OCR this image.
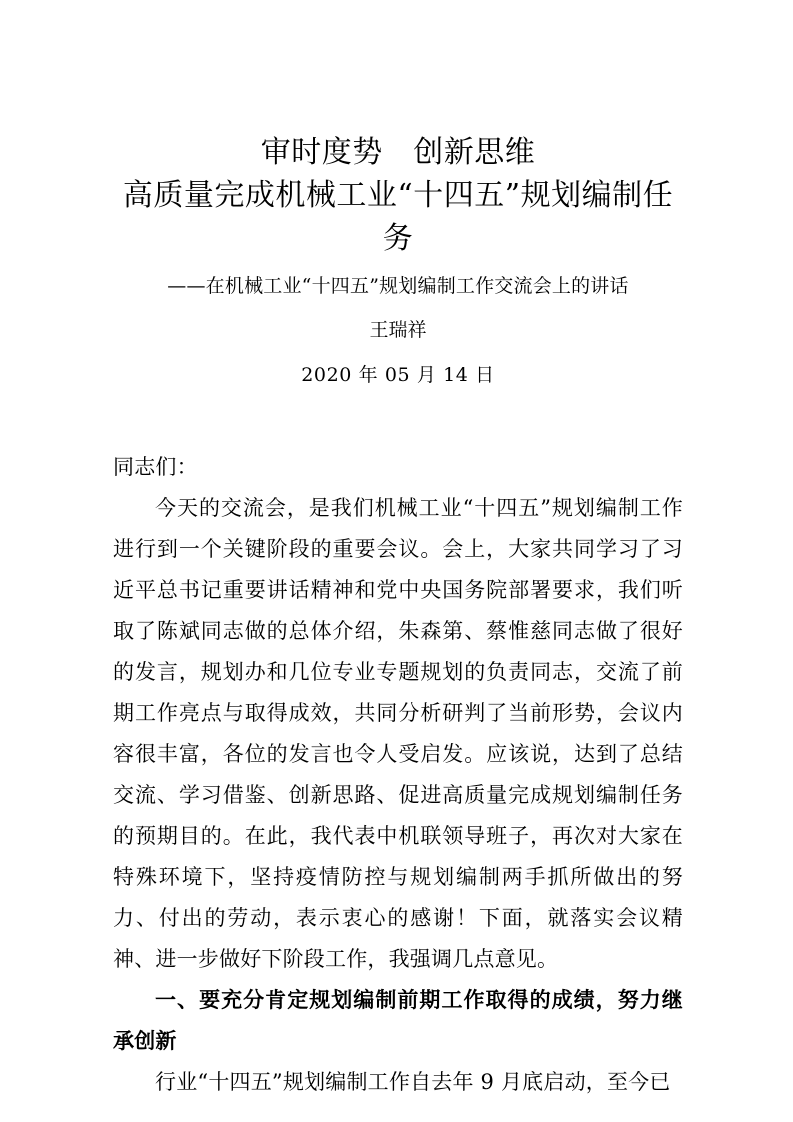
审时度势　创新思维
高质量完成机械工业“十四五”规划编制任务

——在机械工业“十四五”规划编制工作交流会上的讲话

王瑞祥

2020 年 05 月 14 日

同志们：

今天的交流会，是我们机械工业“十四五”规划编制工作进行到一个关键阶段的重要会议。会上，大家共同学习了习近平总书记重要讲话精神和党中央国务院部署要求，我们听取了陈斌同志做的总体介绍，朱森第、蔡惟慈同志做了很好的发言，规划办和几位专业专题规划的负责同志，交流了前期工作亮点与取得成效，共同分析研判了当前形势，会议内容很丰富，各位的发言也令人受启发。应该说，达到了总结交流、学习借鉴、创新思路、促进高质量完成规划编制任务的预期目的。在此，我代表中机联领导班子，再次对大家在特殊环境下，坚持疫情防控与规划编制两手抓所做出的努力、付出的劳动，表示衷心的感谢！下面，就落实会议精神、进一步做好下阶段工作，我强调几点意见。

一、要充分肯定规划编制前期工作取得的成绩，努力继承创新

行业“十四五”规划编制工作自去年 9 月底启动，至今已
